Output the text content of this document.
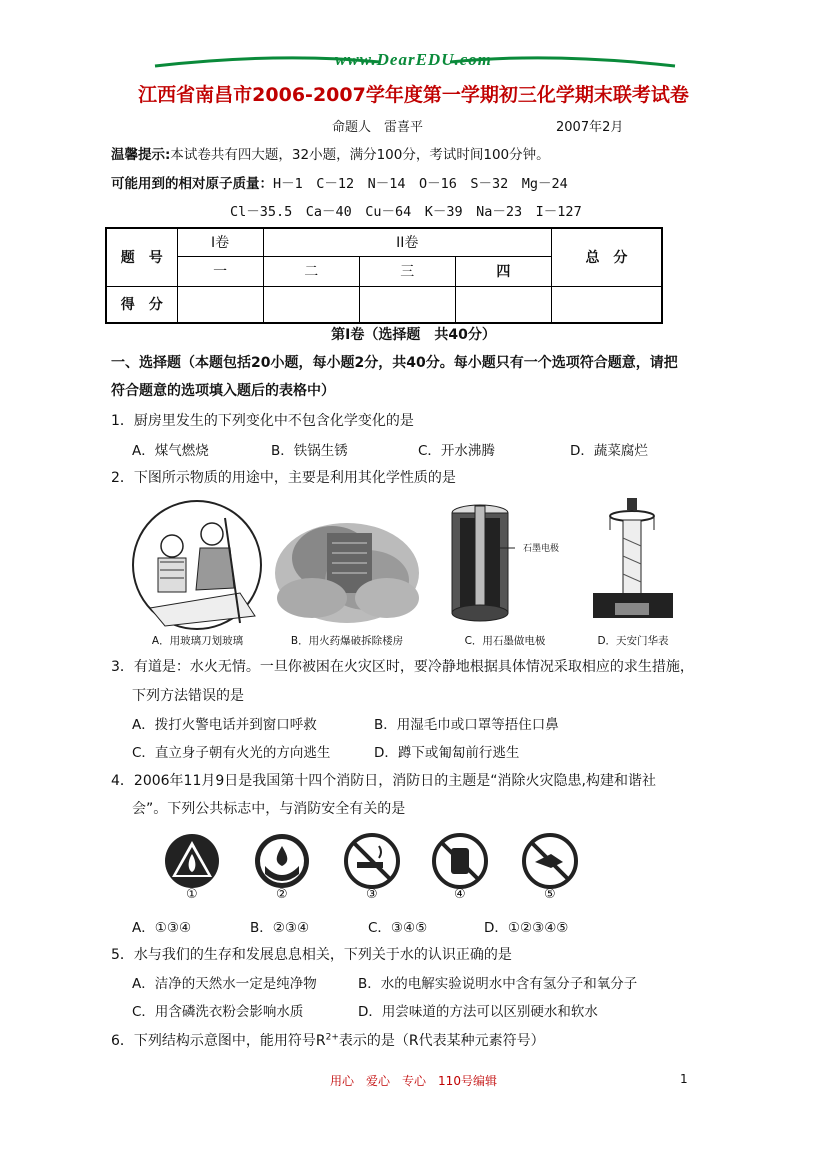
www.DearEDU.com
江西省南昌市2006-2007学年度第一学期初三化学期末联考试卷
命题人　雷喜平	2007年2月
温馨提示:本试卷共有四大题，32小题，满分100分，考试时间100分钟。
可能用到的相对原子质量：H－1　C－12　N－14　O－16　S－32　Mg－24
Cl－35.5　Ca－40　Cu－64　K－39　Na－23　I－127
题　号	I卷	II卷			总　分
	一	二	三	四	
得　分					
第Ⅰ卷（选择题　共40分）
一、选择题（本题包括20小题，每小题2分，共40分。每小题只有一个选项符合题意，请把
符合题意的选项填入题后的表格中）
1．厨房里发生的下列变化中不包含化学变化的是
A．煤气燃烧	B．铁锅生锈	C．开水沸腾	D．蔬菜腐烂
2．下图所示物质的用途中，主要是利用其化学性质的是
A．用玻璃刀划玻璃	B．用火药爆破拆除楼房
石墨电极
C．用石墨做电极	D．天安门华表
3．有道是：水火无情。一旦你被困在火灾区时，要冷静地根据具体情况采取相应的求生措施，
下列方法错误的是
A．拨打火警电话并到窗口呼救	B．用湿毛巾或口罩等捂住口鼻
C．直立身子朝有火光的方向逃生	D．蹲下或匍匐前行逃生
4．2006年11月9日是我国第十四个消防日，消防日的主题是“消除火灾隐患,构建和谐社
会”。下列公共标志中，与消防安全有关的是
①	②	③	④	⑤
A．①③④	B．②③④	C．③④⑤	D．①②③④⑤
5．水与我们的生存和发展息息相关，下列关于水的认识正确的是
A．洁净的天然水一定是纯净物	B．水的电解实验说明水中含有氢分子和氧分子
C．用含磷洗衣粉会影响水质	D．用尝味道的方法可以区别硬水和软水
6．下列结构示意图中，能用符号$R^{2+}$表示的是（R代表某种元素符号）
用心　爱心　专心　110号编辑	1
